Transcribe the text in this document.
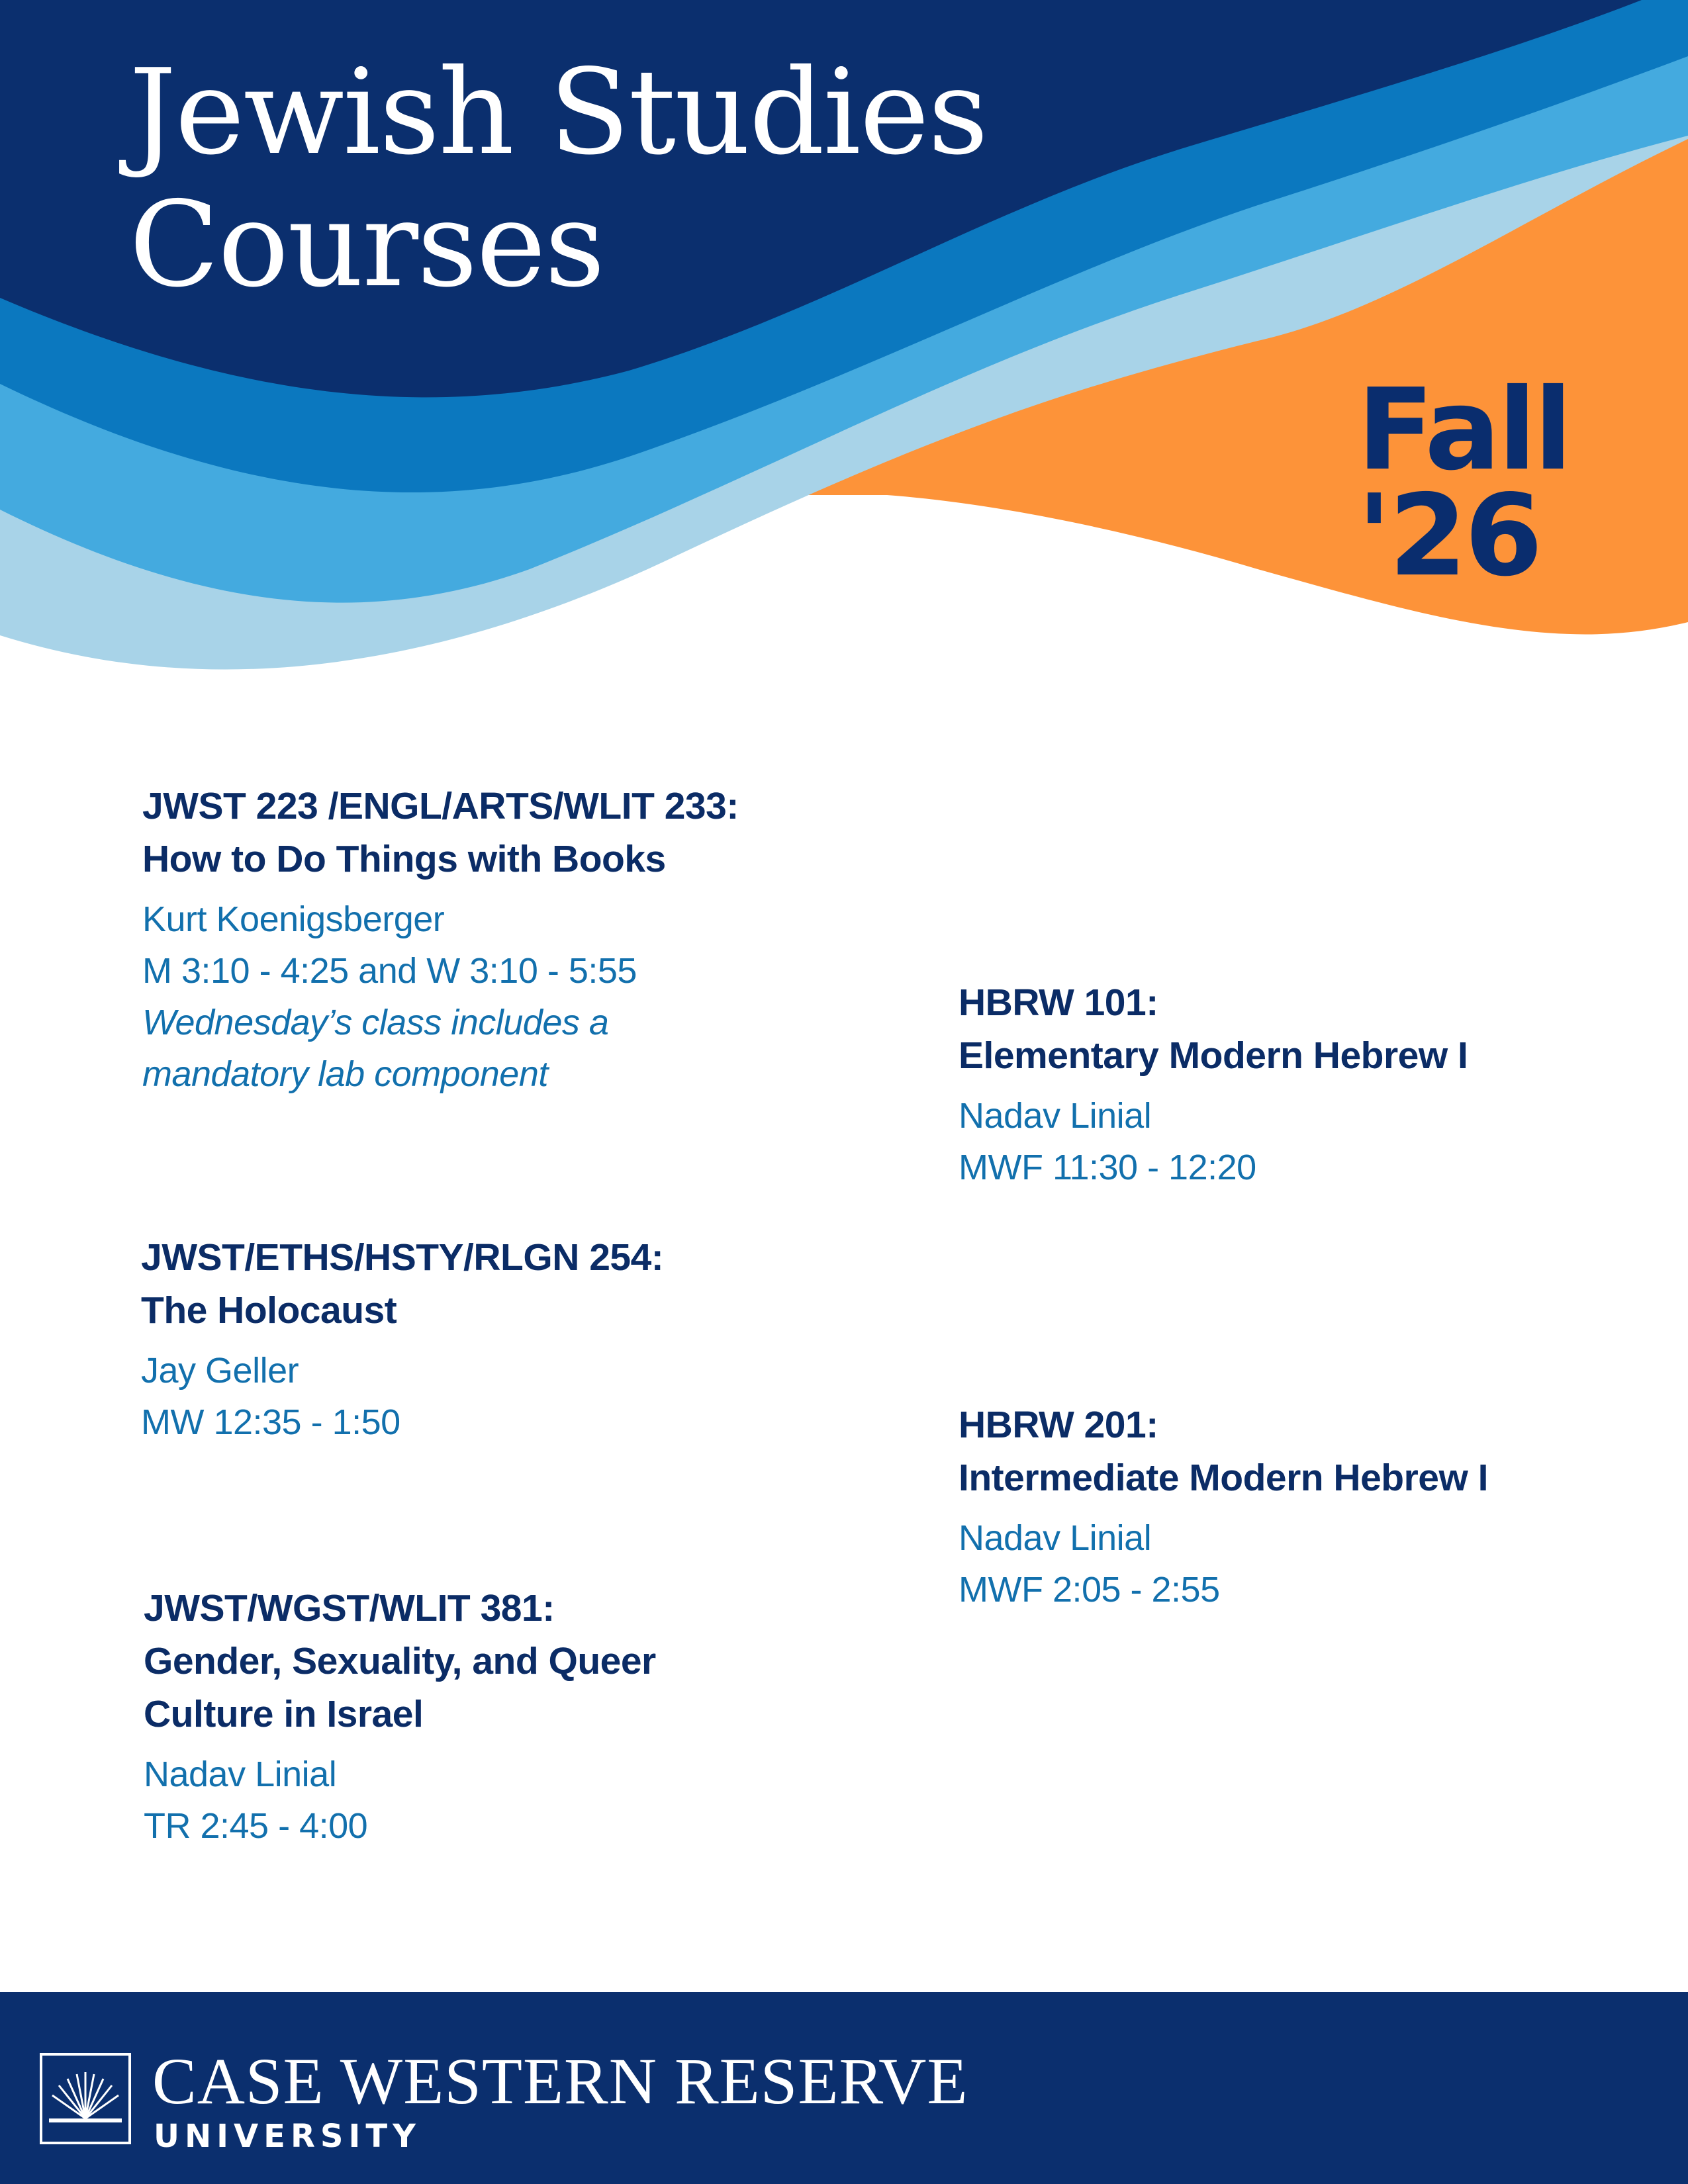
Jewish Studies
Courses
Fall
'26
JWST 223 /ENGL/ARTS/WLIT 233:
How to Do Things with Books
Kurt Koenigsberger
M 3:10 - 4:25 and W 3:10 - 5:55
Wednesday’s class includes a mandatory lab component
HBRW 101:
Elementary Modern Hebrew I
Nadav Linial
MWF 11:30 - 12:20
JWST/ETHS/HSTY/RLGN 254:
The Holocaust
Jay Geller
MW 12:35 - 1:50	HBRW 201:
Intermediate Modern Hebrew I
Nadav Linial
MWF 2:05 - 2:55
JWST/WGST/WLIT 381:
Gender, Sexuality, and Queer
Culture in Israel
Nadav Linial
TR 2:45 - 4:00
CASE WESTERN RESERVE
UNIVERSITY
